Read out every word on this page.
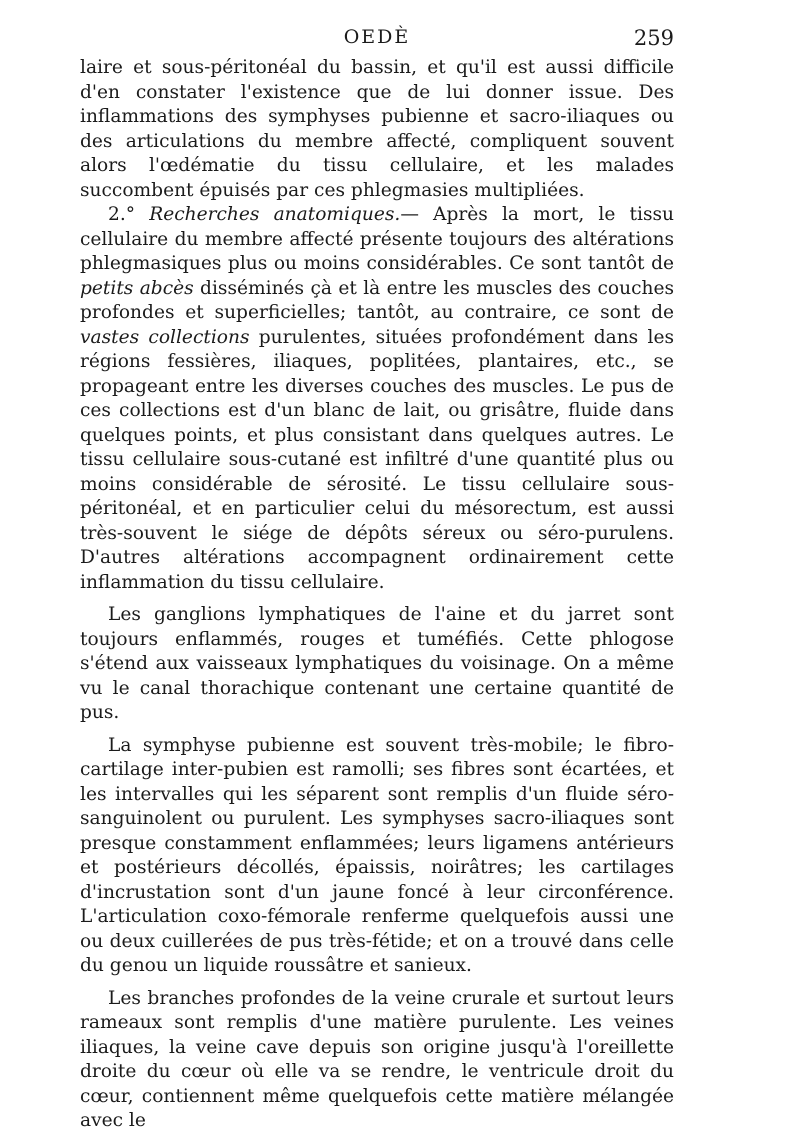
OEDÈ	259

laire et sous-péritonéal du bassin, et qu'il est aussi difficile d'en constater l'existence que de lui donner issue. Des inflammations des symphyses pubienne et sacro-iliaques ou des articulations du membre affecté, compliquent souvent alors l'œdématie du tissu cellulaire, et les malades succombent épuisés par ces phlegmasies multipliées.

2.° Recherches anatomiques.— Après la mort, le tissu cellulaire du membre affecté présente toujours des altérations phlegmasiques plus ou moins considérables. Ce sont tantôt de petits abcès disséminés çà et là entre les muscles des couches profondes et superficielles; tantôt, au contraire, ce sont de vastes collections purulentes, situées profondément dans les régions fessières, iliaques, poplitées, plantaires, etc., se propageant entre les diverses couches des muscles. Le pus de ces collections est d'un blanc de lait, ou grisâtre, fluide dans quelques points, et plus consistant dans quelques autres. Le tissu cellulaire sous-cutané est infiltré d'une quantité plus ou moins considérable de sérosité. Le tissu cellulaire sous-péritonéal, et en particulier celui du mésorectum, est aussi très-souvent le siége de dépôts séreux ou séro-purulens. D'autres altérations accompagnent ordinairement cette inflammation du tissu cellulaire.

Les ganglions lymphatiques de l'aine et du jarret sont toujours enflammés, rouges et tuméfiés. Cette phlogose s'étend aux vaisseaux lymphatiques du voisinage. On a même vu le canal thorachique contenant une certaine quantité de pus.

La symphyse pubienne est souvent très-mobile; le fibro-cartilage inter-pubien est ramolli; ses fibres sont écartées, et les intervalles qui les séparent sont remplis d'un fluide séro-sanguinolent ou purulent. Les symphyses sacro-iliaques sont presque constamment enflammées; leurs ligamens antérieurs et postérieurs décollés, épaissis, noirâtres; les cartilages d'incrustation sont d'un jaune foncé à leur circonférence. L'articulation coxo-fémorale renferme quelquefois aussi une ou deux cuillerées de pus très-fétide; et on a trouvé dans celle du genou un liquide roussâtre et sanieux.

Les branches profondes de la veine crurale et surtout leurs rameaux sont remplis d'une matière purulente. Les veines iliaques, la veine cave depuis son origine jusqu'à l'oreillette droite du cœur où elle va se rendre, le ventricule droit du cœur, contiennent même quelquefois cette matière mélangée avec le
